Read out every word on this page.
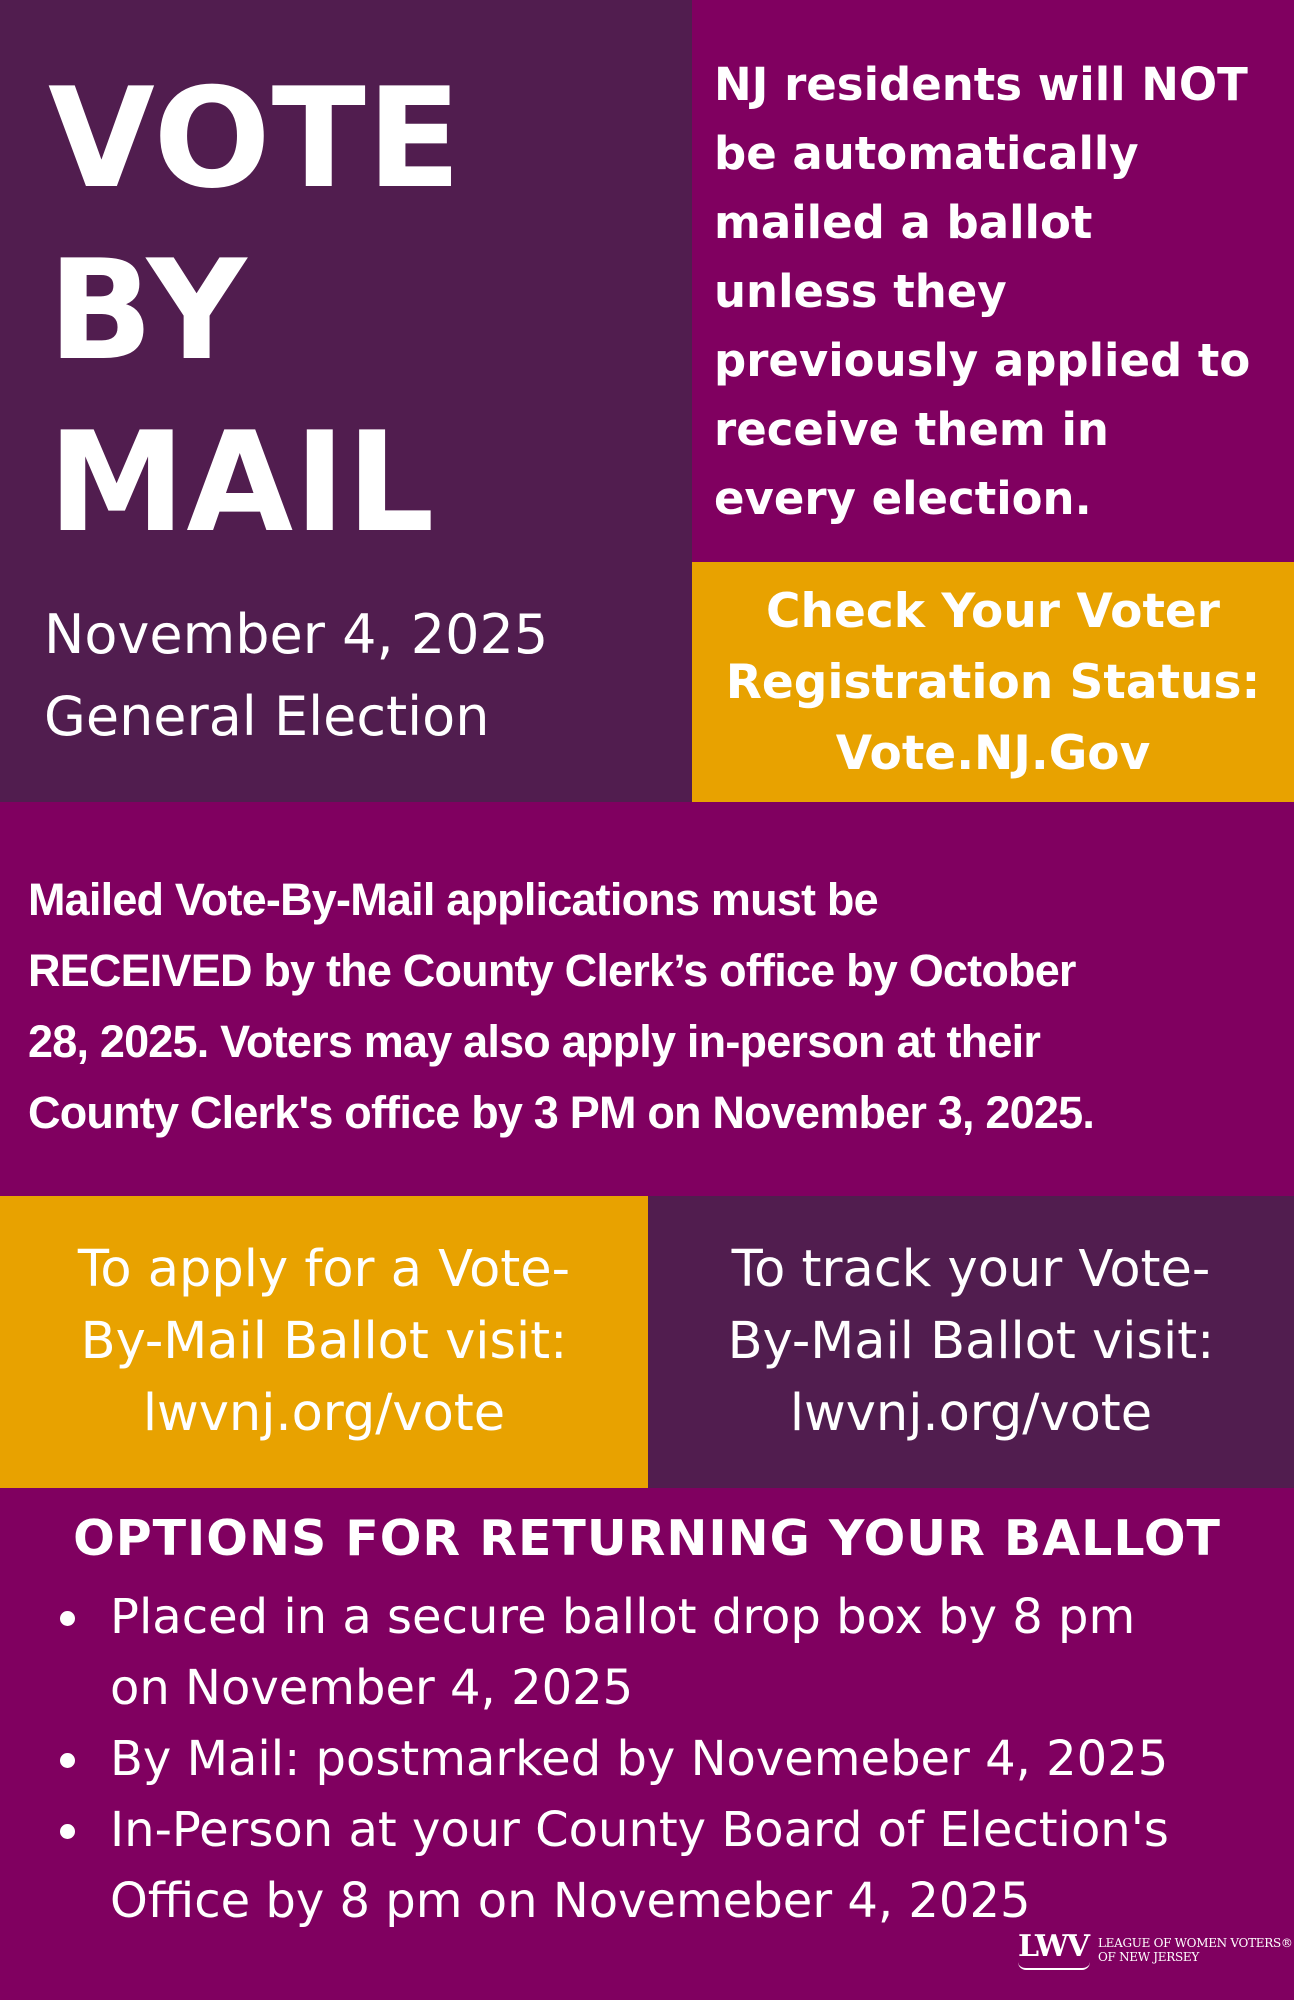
VOTE
BY
MAIL
November 4, 2025
General Election
NJ residents will NOT
be automatically
mailed a ballot
unless they
previously applied to
receive them in
every election.
Check Your Voter
Registration Status:
Vote.NJ.Gov
Mailed Vote-By-Mail applications must be
RECEIVED by the County Clerk’s office by October
28, 2025. Voters may also apply in-person at their
County Clerk's office by 3 PM on November 3, 2025.
To apply for a Vote-
By-Mail Ballot visit:
lwvnj.org/vote
To track your Vote-
By-Mail Ballot visit:
lwvnj.org/vote
OPTIONS FOR RETURNING YOUR BALLOT
Placed in a secure ballot drop box by 8 pm
on November 4, 2025
By Mail: postmarked by Novemeber 4, 2025
In-Person at your County Board of Election's
Office by 8 pm on Novemeber 4, 2025
LWV LEAGUE OF WOMEN VOTERS®
OF NEW JERSEY
